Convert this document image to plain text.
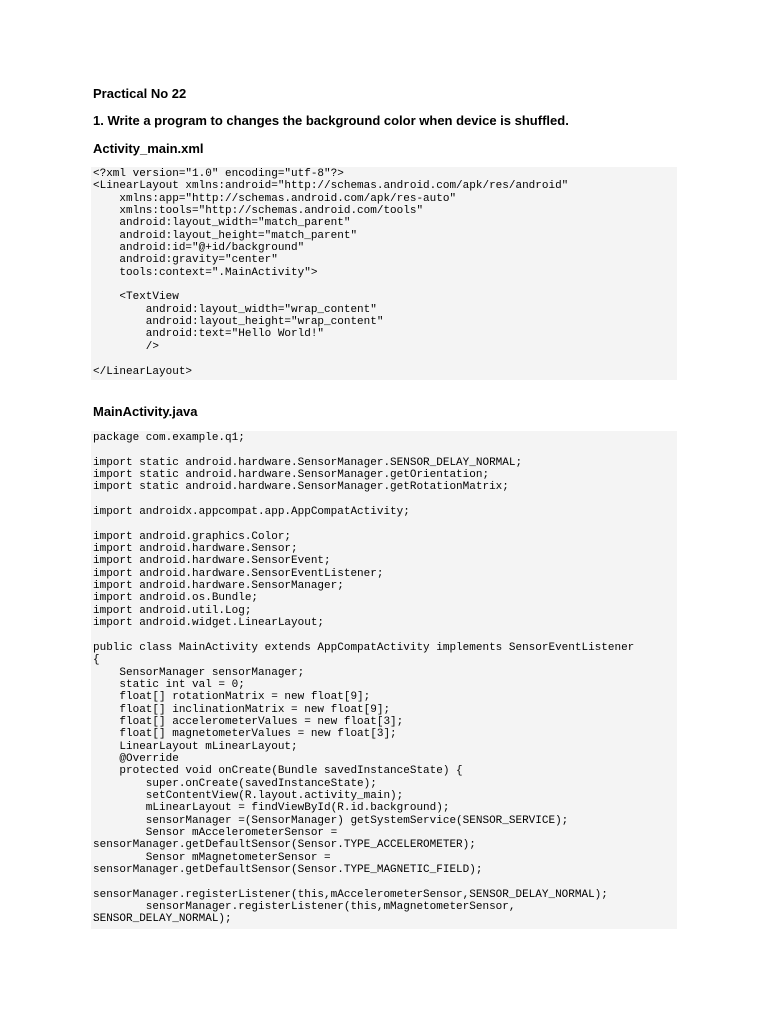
Practical No 22
1. Write a program to changes the background color when device is shuffled.
Activity_main.xml
<?xml version="1.0" encoding="utf-8"?>
<LinearLayout xmlns:android="http://schemas.android.com/apk/res/android"
xmlns:app="http://schemas.android.com/apk/res-auto"
xmlns:tools="http://schemas.android.com/tools"
android:layout_width="match_parent"
android:layout_height="match_parent"
android:id="@+id/background"
android:gravity="center"
tools:context=".MainActivity">
<TextView
android:layout_width="wrap_content"
android:layout_height="wrap_content"
android:text="Hello World!"
/>
</LinearLayout>
MainActivity.java
package com.example.q1;
import static android.hardware.SensorManager.SENSOR_DELAY_NORMAL;
import static android.hardware.SensorManager.getOrientation;
import static android.hardware.SensorManager.getRotationMatrix;
import androidx.appcompat.app.AppCompatActivity;
import android.graphics.Color;
import android.hardware.Sensor;
import android.hardware.SensorEvent;
import android.hardware.SensorEventListener;
import android.hardware.SensorManager;
import android.os.Bundle;
import android.util.Log;
import android.widget.LinearLayout;
public class MainActivity extends AppCompatActivity implements SensorEventListener
{
SensorManager sensorManager;
static int val = 0;
float[] rotationMatrix = new float[9];
float[] inclinationMatrix = new float[9];
float[] accelerometerValues = new float[3];
float[] magnetometerValues = new float[3];
LinearLayout mLinearLayout;
@Override
protected void onCreate(Bundle savedInstanceState) {
super.onCreate(savedInstanceState);
setContentView(R.layout.activity_main);
mLinearLayout = findViewById(R.id.background);
sensorManager =(SensorManager) getSystemService(SENSOR_SERVICE);
Sensor mAccelerometerSensor =
sensorManager.getDefaultSensor(Sensor.TYPE_ACCELEROMETER);
Sensor mMagnetometerSensor =
sensorManager.getDefaultSensor(Sensor.TYPE_MAGNETIC_FIELD);
sensorManager.registerListener(this,mAccelerometerSensor,SENSOR_DELAY_NORMAL);
sensorManager.registerListener(this,mMagnetometerSensor,
SENSOR_DELAY_NORMAL);
